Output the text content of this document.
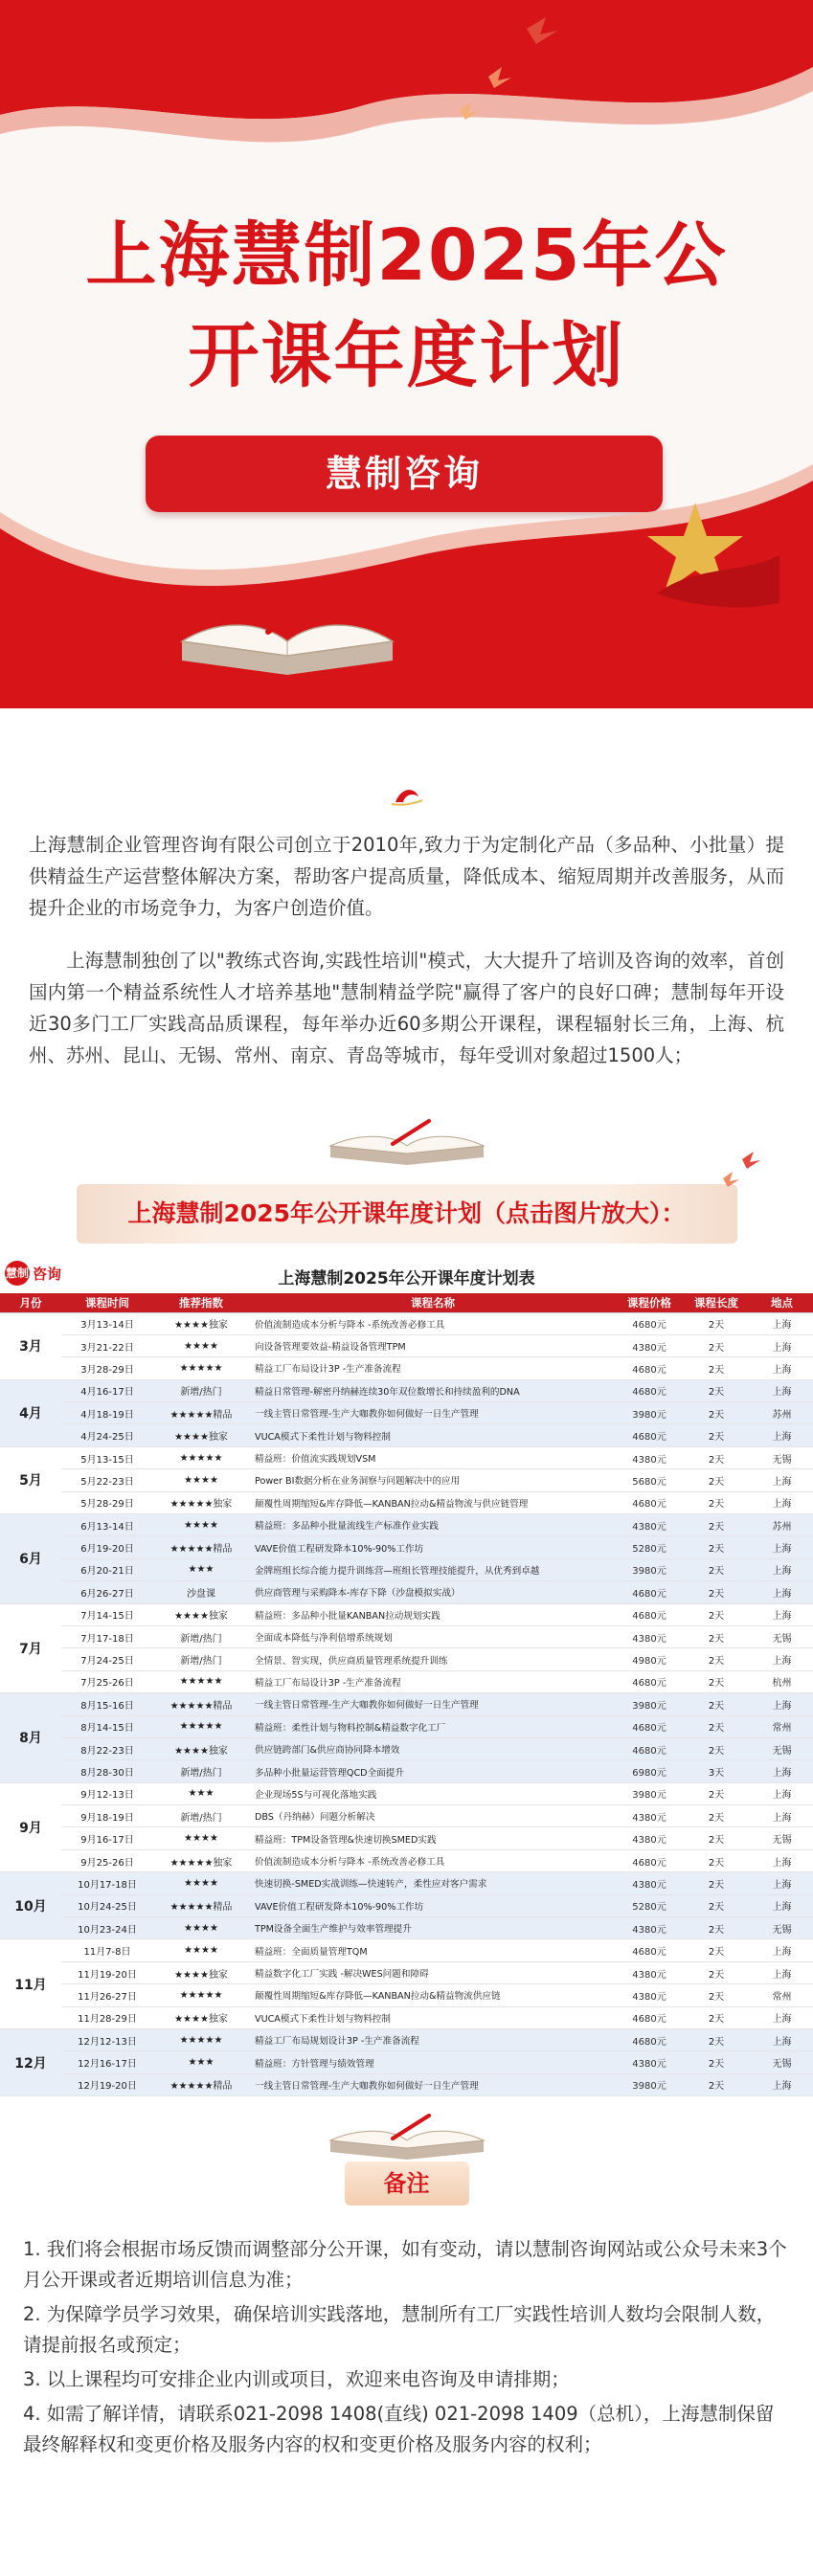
上海慧制2025年公
开课年度计划
慧制咨询

上海慧制企业管理咨询有限公司创立于2010年,致力于为定制化产品（多品种、小批量）提供精益生产运营整体解决方案，帮助客户提高质量，降低成本、缩短周期并改善服务，从而提升企业的市场竞争力，为客户创造价值。

上海慧制独创了以"教练式咨询,实践性培训"模式，大大提升了培训及咨询的效率，首创国内第一个精益系统性人才培养基地"慧制精益学院"赢得了客户的良好口碑；慧制每年开设近30多门工厂实践高品质课程，每年举办近60多期公开课程，课程辐射长三角，上海、杭州、苏州、昆山、无锡、常州、南京、青岛等城市，每年受训对象超过1500人；

上海慧制2025年公开课年度计划（点击图片放大）：
慧制 咨询	上海慧制2025年公开课年度计划表
月份	课程时间	推荐指数	课程名称	课程价格	课程长度	地点
3月	3月13-14日	★★★★独家	价值流制造成本分析与降本 -系统改善必修工具	4680元	2天	上海
	3月21-22日	★★★★	向设备管理要效益-精益设备管理TPM	4380元	2天	上海
	3月28-29日	★★★★★	精益工厂布局设计3P -生产准备流程	4680元	2天	上海
4月	4月16-17日	新增/热门	精益日常管理-解密丹纳赫连续30年双位数增长和持续盈利的DNA	4680元	2天	上海
	4月18-19日	★★★★★精品	一线主管日常管理-生产大咖教你如何做好一日生产管理	3980元	2天	苏州
	4月24-25日	★★★★独家	VUCA模式下柔性计划与物料控制	4680元	2天	上海
5月	5月13-15日	★★★★★	精益班：价值流实践规划VSM	4380元	2天	无锡
	5月22-23日	★★★★	Power BI数据分析在业务洞察与问题解决中的应用	5680元	2天	上海
	5月28-29日	★★★★★独家	颠覆性周期缩短&库存降低—KANBAN拉动&精益物流与供应链管理	4680元	2天	上海
6月	6月13-14日	★★★★	精益班：多品种小批量流线生产标准作业实践	4380元	2天	苏州
	6月19-20日	★★★★★精品	VAVE价值工程研发降本10%-90%工作坊	5280元	2天	上海
	6月20-21日	★★★	金牌班组长综合能力提升训练营—班组长管理技能提升，从优秀到卓越	3980元	2天	上海
	6月26-27日	沙盘课	供应商管理与采购降本-库存下降（沙盘模拟实战）	4680元	2天	上海
7月	7月14-15日	★★★★独家	精益班：多品种小批量KANBAN拉动规划实践	4680元	2天	上海
	7月17-18日	新增/热门	全面成本降低与净利倍增系统规划	4380元	2天	无锡
	7月24-25日	新增/热门	全情景、智实现，供应商质量管理系统提升训练	4980元	2天	上海
	7月25-26日	★★★★★	精益工厂布局设计3P -生产准备流程	4680元	2天	杭州
8月	8月15-16日	★★★★★精品	一线主管日常管理-生产大咖教你如何做好一日生产管理	3980元	2天	上海
	8月14-15日	★★★★★	精益班：柔性计划与物料控制&精益数字化工厂	4680元	2天	常州
	8月22-23日	★★★★独家	供应链跨部门&供应商协同降本增效	4680元	2天	无锡
	8月28-30日	新增/热门	多品种小批量运营管理QCD全面提升	6980元	3天	上海
9月	9月12-13日	★★★	企业现场5S与可视化落地实践	3980元	2天	上海
	9月18-19日	新增/热门	DBS（丹纳赫）问题分析解决	4380元	2天	上海
	9月16-17日	★★★★	精益班：TPM设备管理&快速切换SMED实践	4380元	2天	无锡
	9月25-26日	★★★★★独家	价值流制造成本分析与降本 -系统改善必修工具	4680元	2天	上海
10月	10月17-18日	★★★★	快速切换-SMED实战训练—快速转产，柔性应对客户需求	4380元	2天	上海
	10月24-25日	★★★★★精品	VAVE价值工程研发降本10%-90%工作坊	5280元	2天	上海
	10月23-24日	★★★★	TPM设备全面生产维护与效率管理提升	4380元	2天	无锡
11月	11月7-8日	★★★★	精益班：全面质量管理TQM	4680元	2天	上海
	11月19-20日	★★★★独家	精益数字化工厂实践 -解决WES问题和障碍	4380元	2天	上海
	11月26-27日	★★★★★	颠覆性周期缩短&库存降低—KANBAN拉动&精益物流供应链	4380元	2天	常州
	11月28-29日	★★★★独家	VUCA模式下柔性计划与物料控制	4680元	2天	上海
12月	12月12-13日	★★★★★	精益工厂布局规划设计3P -生产准备流程	4680元	2天	上海
	12月16-17日	★★★	精益班：方针管理与绩效管理	4380元	2天	无锡
	12月19-20日	★★★★★精品	一线主管日常管理-生产大咖教你如何做好一日生产管理	3980元	2天	上海
备注

1. 我们将会根据市场反馈而调整部分公开课，如有变动，请以慧制咨询网站或公众号未来3个月公开课或者近期培训信息为准；

2. 为保障学员学习效果，确保培训实践落地，慧制所有工厂实践性培训人数均会限制人数，请提前报名或预定；

3. 以上课程均可安排企业内训或项目，欢迎来电咨询及申请排期；

4. 如需了解详情，请联系021-2098 1408(直线) 021-2098 1409（总机），上海慧制保留最终解释权和变更价格及服务内容的权和变更价格及服务内容的权利；
